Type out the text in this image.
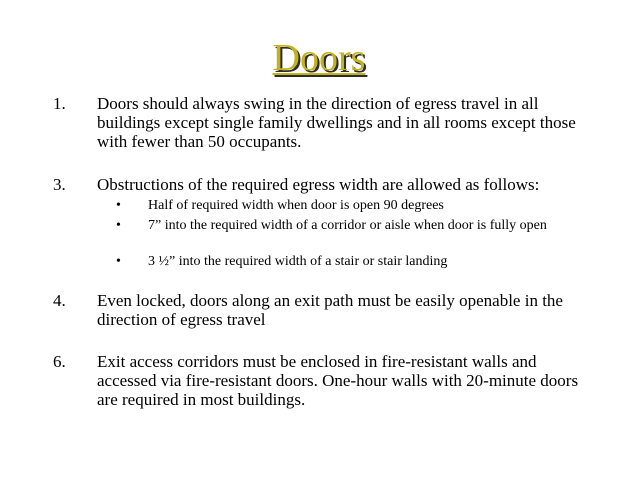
Doors
1.	Doors should always swing in the direction of egress travel in all buildings except single family dwellings and in all rooms except those with fewer than 50 occupants.
3.	Obstructions of the required egress width are allowed as follows:
• Half of required width when door is open 90 degrees
• 7” into the required width of a corridor or aisle when door is fully open
• 3 ½” into the required width of a stair or stair landing
4.	Even locked, doors along an exit path must be easily openable in the direction of egress travel
6.	Exit access corridors must be enclosed in fire-resistant walls and accessed via fire-resistant doors. One-hour walls with 20-minute doors are required in most buildings.
